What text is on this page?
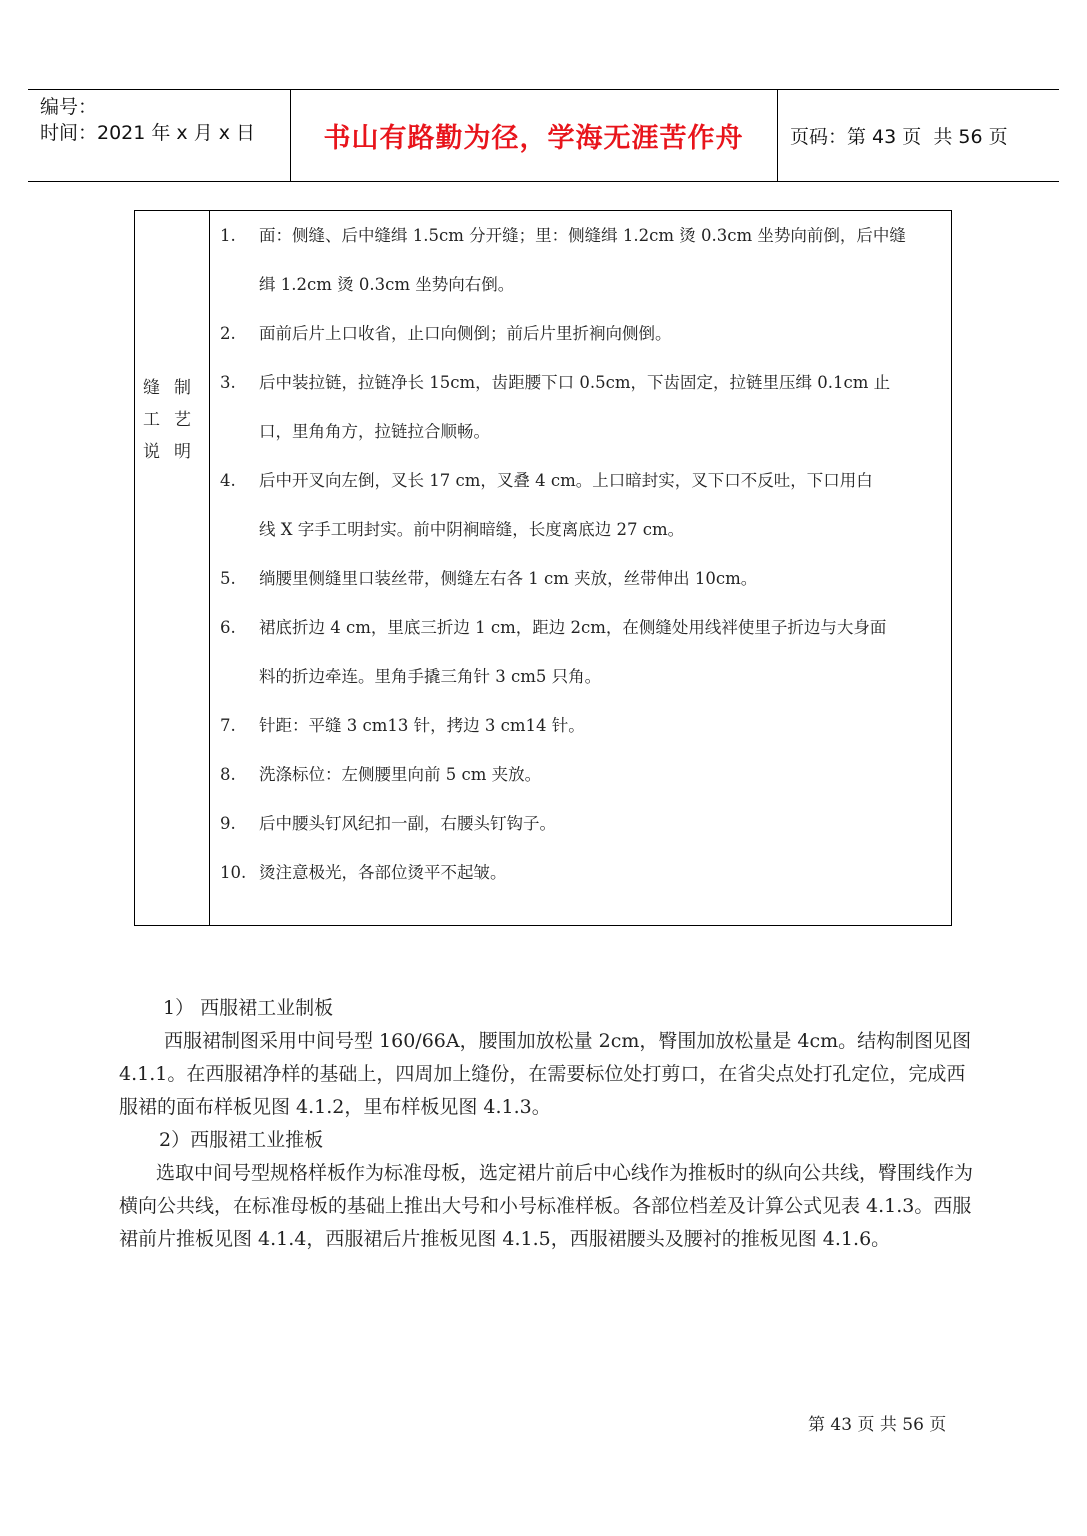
编号：
时间：2021 年 x 月 x 日	书山有路勤为径，学海无涯苦作舟	页码：第 43 页  共 56 页
缝制
工艺
说明
1.	面：侧缝、后中缝缉 1.5cm 分开缝；里：侧缝缉 1.2cm 烫 0.3cm 坐势向前倒，后中缝
缉 1.2cm 烫 0.3cm 坐势向右倒。
2.	面前后片上口收省，止口向侧倒；前后片里折裥向侧倒。
3.	后中装拉链，拉链净长 15cm，齿距腰下口 0.5cm，下齿固定，拉链里压缉 0.1cm 止
口，里角角方，拉链拉合顺畅。
4.	后中开叉向左倒，叉长 17 cm，叉叠 4 cm。上口暗封实，叉下口不反吐，下口用白
线 X 字手工明封实。前中阴裥暗缝，长度离底边 27 cm。
5.	绱腰里侧缝里口装丝带，侧缝左右各 1 cm 夹放，丝带伸出 10cm。
6.	裙底折边 4 cm，里底三折边 1 cm，距边 2cm，在侧缝处用线袢使里子折边与大身面
料的折边牵连。里角手撬三角针 3 cm5 只角。
7.	针距：平缝 3 cm13 针，拷边 3 cm14 针。
8.	洗涤标位：左侧腰里向前 5 cm 夹放。
9.	后中腰头钉风纪扣一副，右腰头钉钩子。
10. 烫注意极光，各部位烫平不起皱。

1） 西服裙工业制板

西服裙制图采用中间号型 160/66A，腰围加放松量 2cm，臀围加放松量是 4cm。结构制图见图 4.1.1。在西服裙净样的基础上，四周加上缝份，在需要标位处打剪口，在省尖点处打孔定位，完成西服裙的面布样板见图 4.1.2，里布样板见图 4.1.3。

2）西服裙工业推板

选取中间号型规格样板作为标准母板，选定裙片前后中心线作为推板时的纵向公共线，臀围线作为横向公共线，在标准母板的基础上推出大号和小号标准样板。各部位档差及计算公式见表 4.1.3。西服裙前片推板见图 4.1.4，西服裙后片推板见图 4.1.5，西服裙腰头及腰衬的推板见图 4.1.6。

第 43 页 共 56 页
